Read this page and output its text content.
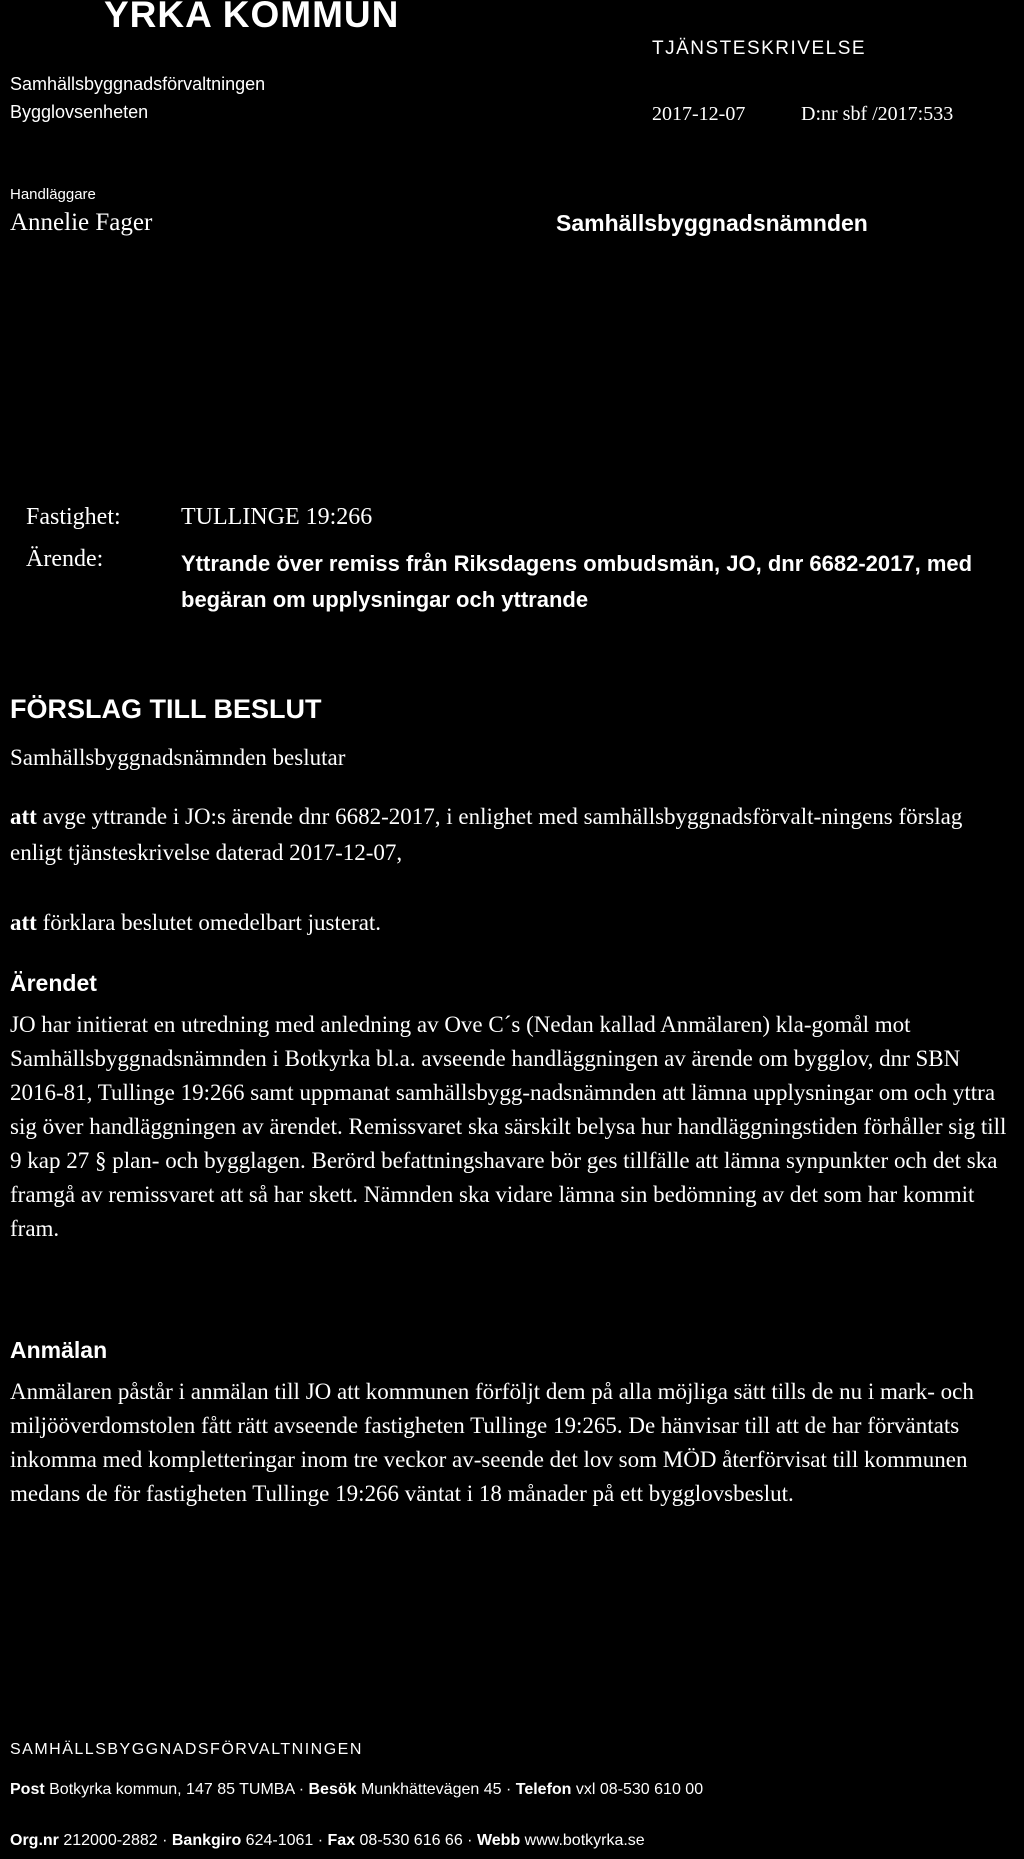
YRKA KOMMUN
Samhällsbyggnadsförvaltningen
Bygglovsenheten
TJÄNSTESKRIVELSE
2017-12-07	D:nr sbf /2017:533
Handläggare
Annelie Fager	Samhällsbyggnadsnämnden
Fastighet:	TULLINGE 19:266
Ärende:	Yttrande över remiss från Riksdagens ombudsmän, JO, dnr 6682-2017, med begäran om upplysningar och yttrande
FÖRSLAG TILL BESLUT
Samhällsbyggnadsnämnden beslutar
att avge yttrande i JO:s ärende dnr 6682-2017, i enlighet med samhällsbyggnadsförvalt-ningens förslag enligt tjänsteskrivelse daterad 2017-12-07,
att förklara beslutet omedelbart justerat.
Ärendet
JO har initierat en utredning med anledning av Ove C´s (Nedan kallad Anmälaren) kla-gomål mot Samhällsbyggnadsnämnden i Botkyrka bl.a. avseende handläggningen av ärende om bygglov, dnr SBN 2016-81, Tullinge 19:266 samt uppmanat samhällsbygg-nadsnämnden att lämna upplysningar om och yttra sig över handläggningen av ärendet. Remissvaret ska särskilt belysa hur handläggningstiden förhåller sig till 9 kap 27 § plan- och bygglagen. Berörd befattningshavare bör ges tillfälle att lämna synpunkter och det ska framgå av remissvaret att så har skett. Nämnden ska vidare lämna sin bedömning av det som har kommit fram.
Anmälan
Anmälaren påstår i anmälan till JO att kommunen förföljt dem på alla möjliga sätt tills de nu i mark- och miljööverdomstolen fått rätt avseende fastigheten Tullinge 19:265. De hänvisar till att de har förväntats inkomma med kompletteringar inom tre veckor av-seende det lov som MÖD återförvisat till kommunen medans de för fastigheten Tullinge 19:266 väntat i 18 månader på ett bygglovsbeslut.
SAMHÄLLSBYGGNADSFÖRVALTNINGEN
Post Botkyrka kommun, 147 85 TUMBA · Besök Munkhättevägen 45 · Telefon vxl 08-530 610 00
Org.nr 212000-2882 · Bankgiro 624-1061 · Fax 08-530 616 66 · Webb www.botkyrka.se
